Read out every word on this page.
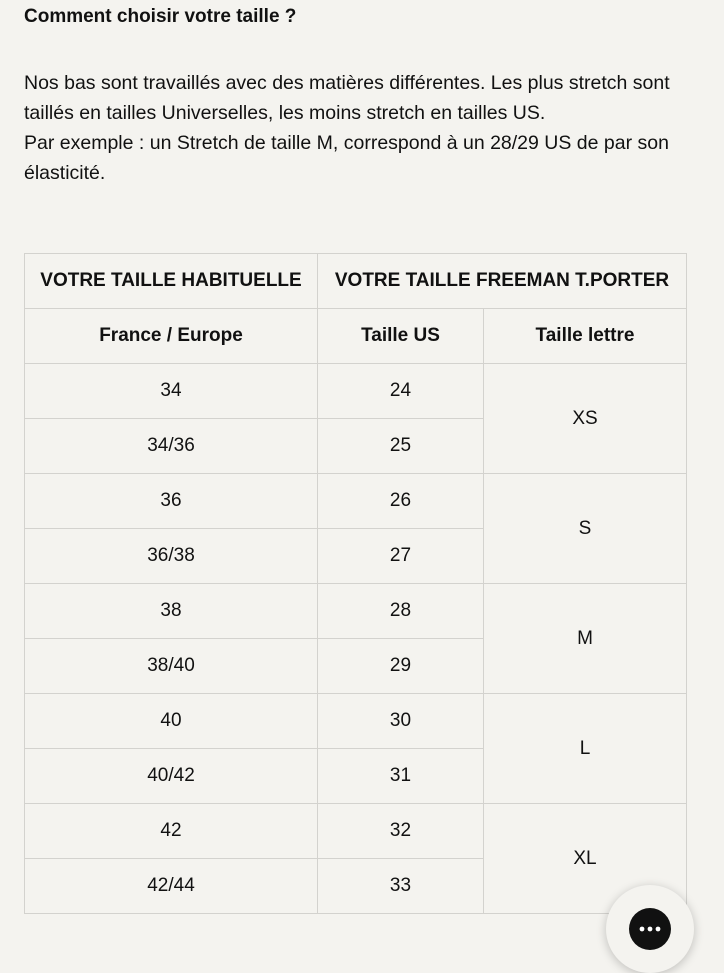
Comment choisir votre taille ?

Nos bas sont travaillés avec des matières différentes. Les plus stretch sont taillés en tailles Universelles, les moins stretch en tailles US.

Par exemple : un Stretch de taille M, correspond à un 28/29 US de par son élasticité.

VOTRE TAILLE HABITUELLE	VOTRE TAILLE FREEMAN T.PORTER	
France / Europe	Taille US	Taille lettre
34	24	XS
34/36	25	
36	26	S
36/38	27	
38	28	M
38/40	29	
40	30	L
40/42	31	
42	32	XL
42/44	33	
